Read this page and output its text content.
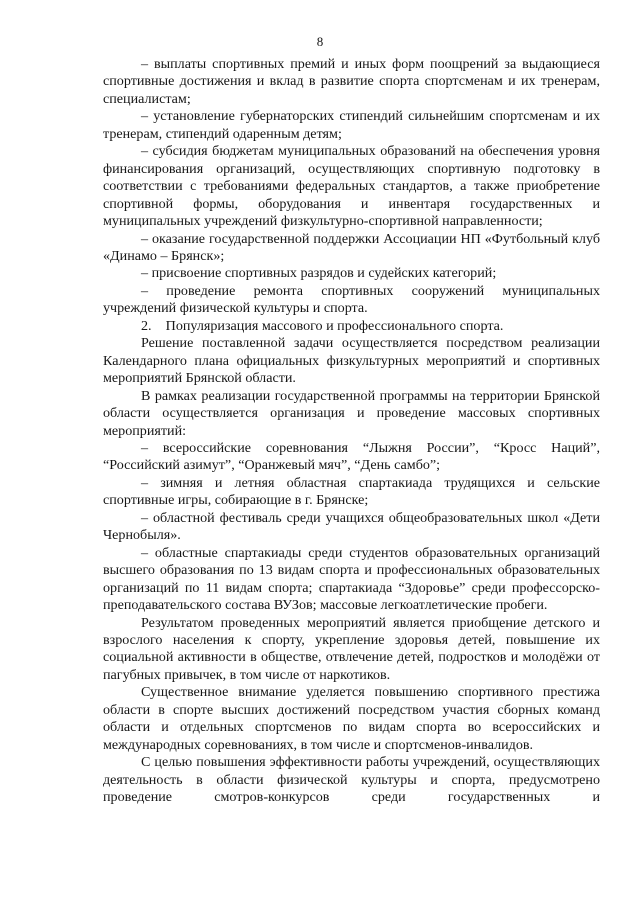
8

– выплаты спортивных премий и иных форм поощрений за выдающиеся спортивные достижения и вклад в развитие спорта спортсменам и их тренерам, специалистам;

– установление губернаторских стипендий сильнейшим спортсменам и их тренерам, стипендий одаренным детям;

– субсидия бюджетам муниципальных образований на обеспечения уровня финансирования организаций, осуществляющих спортивную подготовку в соответствии с требованиями федеральных стандартов, а также приобретение спортивной формы, оборудования и инвентаря государственных и муниципальных учреждений физкультурно-спортивной направленности;

– оказание государственной поддержки Ассоциации НП «Футбольный клуб «Динамо – Брянск»;

– присвоение спортивных разрядов и судейских категорий;

– проведение ремонта спортивных сооружений муниципальных учреждений физической культуры и спорта.

2.    Популяризация массового и профессионального спорта.

Решение поставленной задачи осуществляется посредством реализации Календарного плана официальных физкультурных мероприятий и спортивных мероприятий Брянской области.

В рамках реализации государственной программы на территории Брянской области осуществляется организация и проведение массовых спортивных мероприятий:

– всероссийские соревнования “Лыжня России”, “Кросс Наций”, “Российский азимут”, “Оранжевый мяч”, “День самбо”;

– зимняя и летняя областная спартакиада трудящихся и сельские спортивные игры, собирающие в г. Брянске;

– областной фестиваль среди учащихся общеобразовательных школ «Дети Чернобыля».

– областные спартакиады среди студентов образовательных организаций высшего образования по 13 видам спорта и профессиональных образовательных организаций по 11 видам спорта; спартакиада “Здоровье” среди профессорско-преподавательского состава ВУЗов; массовые легкоатлетические пробеги.

Результатом проведенных мероприятий является приобщение детского и взрослого населения к спорту, укрепление здоровья детей, повышение их социальной активности в обществе, отвлечение детей, подростков и молодёжи от пагубных привычек, в том числе от наркотиков.

Существенное внимание уделяется повышению спортивного престижа области в спорте высших достижений посредством участия сборных команд области и отдельных спортсменов по видам спорта во всероссийских и международных соревнованиях, в том числе и спортсменов-инвалидов.

С целью повышения эффективности работы учреждений, осуществляющих деятельность в области физической культуры и спорта, предусмотрено проведение смотров-конкурсов среди государственных и
